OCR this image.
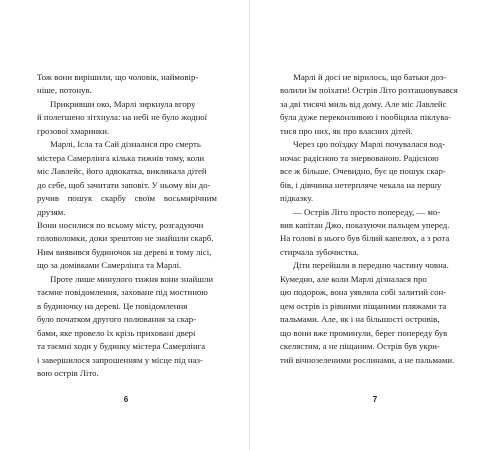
Тож вони вирішили, що чоловік, наймовір-
ніше, потонув.

Прикривши око, Марлі зиркнула вгору
й полегшено зітхнула: на небі не було жодної
грозової хмаринки.

Марлі, Ісла та Сай дізналися про смерть
містера Самерлінга кілька тижнів тому, коли
міс Лавлейс, його адвокатка, викликала дітей
до себе, щоб зачитати заповіт. У ньому він до-
ручив пошук скарбу своїм восьмирічним друзям.
Вони носилися по всьому місту, розгадуючи
головоломки, доки зрештою не знайшли скарб.
Ним виявився будиночок на дереві в тому лісі,
що за домівками Самерлінга та Марлі.

Проте лише минулого тижня вони знайшли
таємне повідомлення, заховане під мостиною
в будиночку на дереві. Це повідомлення
було початком другого полювання за скар-
бами, яке провело їх крізь приховані двері
та таємні ходи у будинку містера Самерлінга
і завершилося запрошенням у місце під наз-
вою острів Літо.

6

Марлі й досі не вірилось, що батьки доз-
волили їм поїхати! Острів Літо розташовувався
за дві тисячі миль від дому. Але міс Лавлейс
була дуже переконливою і пообіцяла піклува-
тися про них, як про власних дітей.

Через цю поїздку Марлі почувалася вод-
ночас радісною та знервованою. Радісною
все ж більше. Очевидно, бує це пошук скар-
бів, і дівчинка нетерпляче чекала на першу
підказку.

— Острів Літо просто попереду, — мо-
вив капітан Джо, показуючи пальцем уперед.
На голові в нього був білий капелюх, а з рота
стирчала зубочистка.

Діти перейшли в передню частину човна.
Кумедно, але коли Марлі дізналася про
цю подорож, вона уявляла собі залитий сон-
цем острів із рівними піщаними пляжами та
пальмами. Але, як і на більшості островів,
що вони вже проминули, берег попереду був
скелястим, а не піщаним. Острів був укри-
тий вічнозеленими рослинами, а не пальмами.

7
